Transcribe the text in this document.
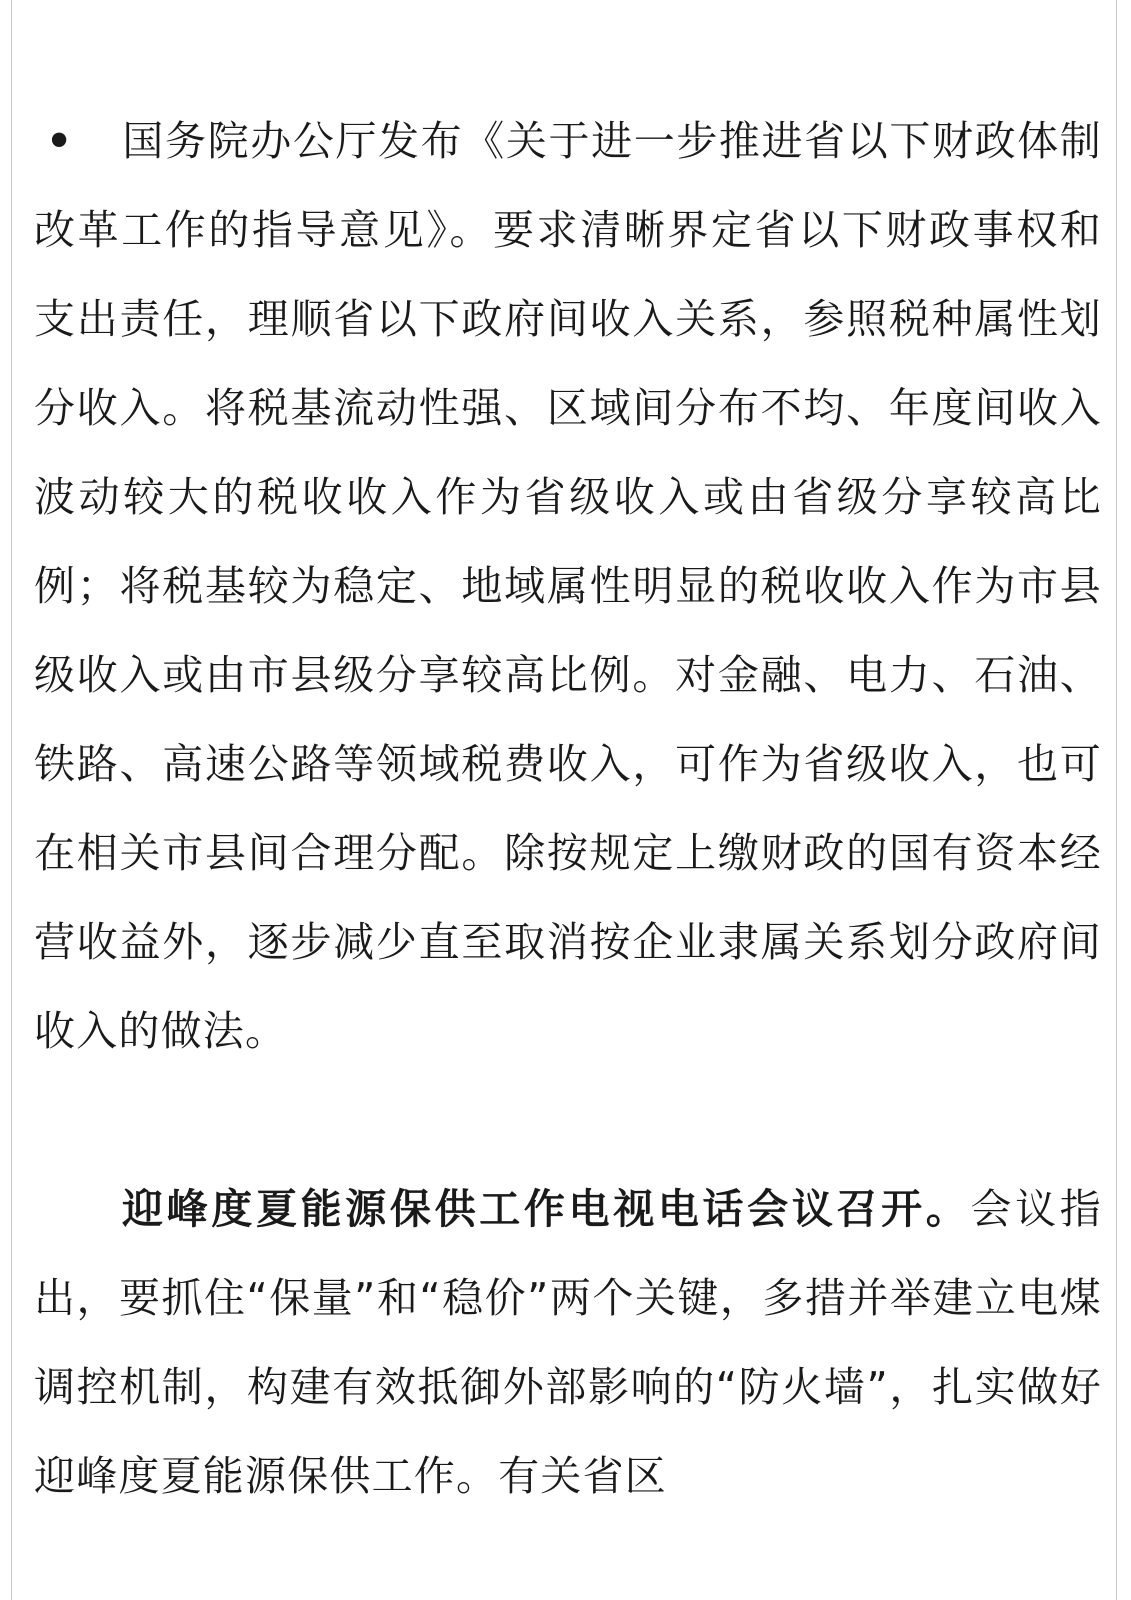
• 国务院办公厅发布《关于进一步推进省以下财政体制改革工作的指导意见》。要求清晰界定省以下财政事权和支出责任，理顺省以下政府间收入关系，参照税种属性划分收入。将税基流动性强、区域间分布不均、年度间收入波动较大的税收收入作为省级收入或由省级分享较高比例；将税基较为稳定、地域属性明显的税收收入作为市县级收入或由市县级分享较高比例。对金融、电力、石油、铁路、高速公路等领域税费收入，可作为省级收入，也可在相关市县间合理分配。除按规定上缴财政的国有资本经营收益外，逐步减少直至取消按企业隶属关系划分政府间收入的做法。

迎峰度夏能源保供工作电视电话会议召开。会议指出，要抓住“保量”和“稳价”两个关键，多措并举建立电煤调控机制，构建有效抵御外部影响的“防火墙”，扎实做好迎峰度夏能源保供工作。有关省区
